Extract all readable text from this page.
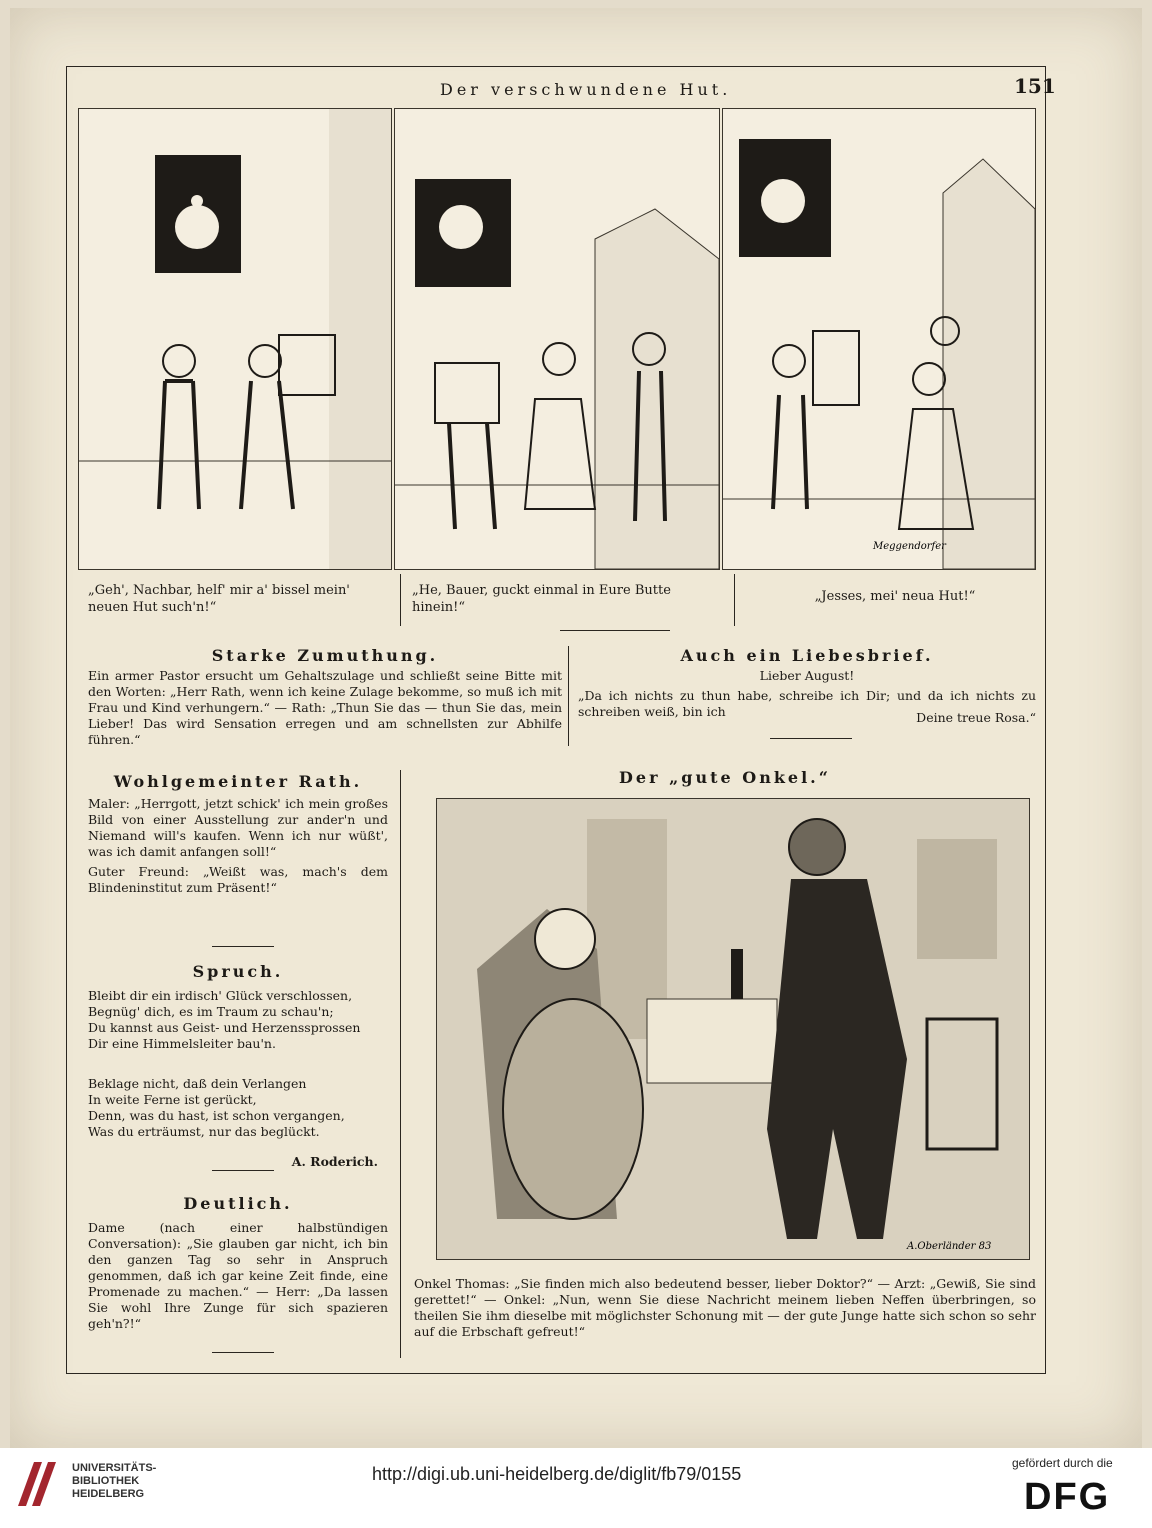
Der verschwundene Hut.	151
Meggendorfer
„Geh', Nachbar, helf' mir a' bissel mein' neuen Hut such'n!“
„He, Bauer, guckt einmal in Eure Butte hinein!“
„Jesses, mei' neua Hut!“
Starke Zumuthung.
Ein armer Pastor ersucht um Gehaltszulage und schließt seine Bitte mit den Worten: „Herr Rath, wenn ich keine Zulage bekomme, so muß ich mit Frau und Kind verhungern.“ — Rath: „Thun Sie das — thun Sie das, mein Lieber! Das wird Sensation erregen und am schnellsten zur Abhilfe führen.“
Auch ein Liebesbrief.
Lieber August!
„Da ich nichts zu thun habe, schreibe ich Dir; und da ich nichts zu schreiben weiß, bin ich	Deine treue Rosa.“
Wohlgemeinter Rath.

Maler: „Herrgott, jetzt schick' ich mein großes Bild von einer Ausstellung zur ander'n und Niemand will's kaufen. Wenn ich nur wüßt', was ich damit anfangen soll!“

Guter Freund: „Weißt was, mach's dem Blindeninstitut zum Präsent!“

Spruch.
Bleibt dir ein irdisch' Glück verschlossen,
Begnüg' dich, es im Traum zu schau'n;
Du kannst aus Geist- und Herzenssprossen
Dir eine Himmelsleiter bau'n.
Beklage nicht, daß dein Verlangen
In weite Ferne ist gerückt,
Denn, was du hast, ist schon vergangen,
Was du erträumst, nur das beglückt.
A. Roderich.
Deutlich.
Dame (nach einer halbstündigen Conversation): „Sie glauben gar nicht, ich bin den ganzen Tag so sehr in Anspruch genommen, daß ich gar keine Zeit finde, eine Promenade zu machen.“ — Herr: „Da lassen Sie wohl Ihre Zunge für sich spazieren geh'n?!“
Der „gute Onkel.“
A.Oberländer 83
Onkel Thomas: „Sie finden mich also bedeutend besser, lieber Doktor?“ — Arzt: „Gewiß, Sie sind gerettet!“ — Onkel: „Nun, wenn Sie diese Nachricht meinem lieben Neffen überbringen, so theilen Sie ihm dieselbe mit möglichster Schonung mit — der gute Junge hatte sich schon so sehr auf die Erbschaft gefreut!“
UNIVERSITÄTS-
BIBLIOTHEK
HEIDELBERG
http://digi.ub.uni-heidelberg.de/diglit/fb79/0155
gefördert durch die
DFG
